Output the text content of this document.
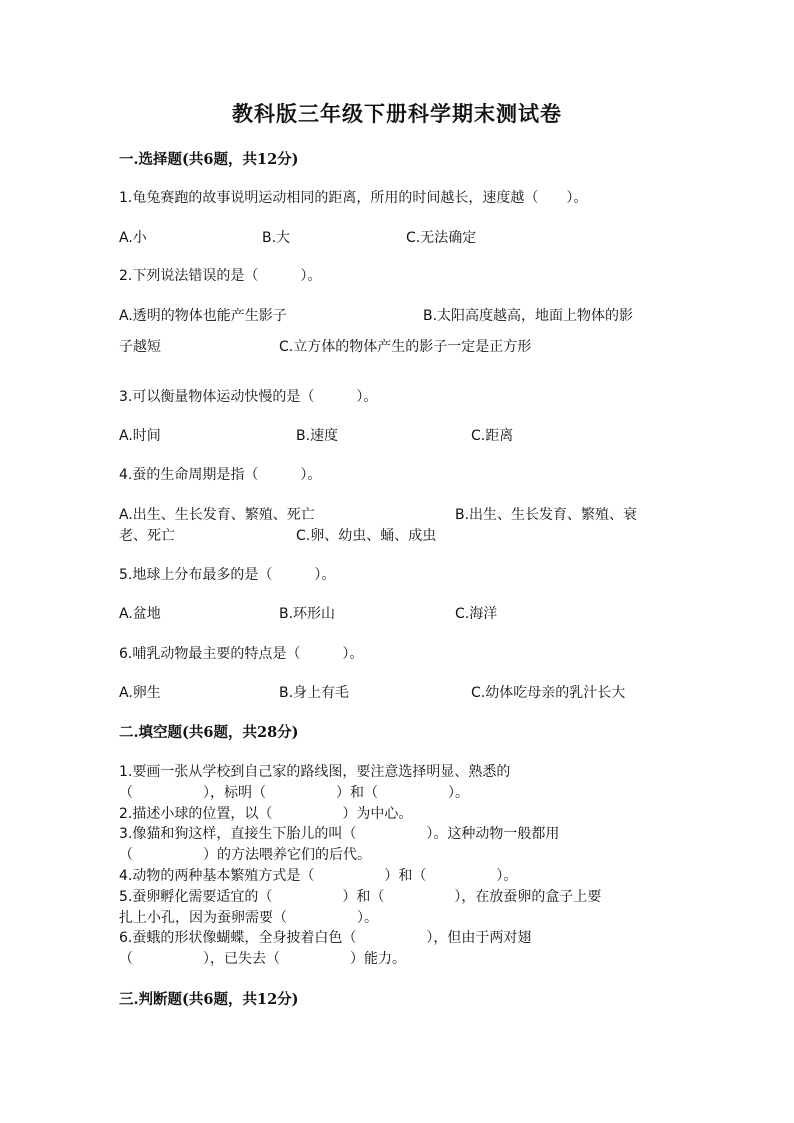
教科版三年级下册科学期末测试卷
一.选择题(共6题，共12分)
1.龟兔赛跑的故事说明运动相同的距离，所用的时间越长，速度越（　　）。
A.小	B.大	C.无法确定
2.下列说法错误的是（　　　）。
A.透明的物体也能产生影子	B.太阳高度越高，地面上物体的影
子越短	C.立方体的物体产生的影子一定是正方形
3.可以衡量物体运动快慢的是（　　　）。
A.时间	B.速度	C.距离
4.蚕的生命周期是指（　　　）。
A.出生、生长发育、繁殖、死亡	B.出生、生长发育、繁殖、衰
老、死亡	C.卵、幼虫、蛹、成虫
5.地球上分布最多的是（　　　）。
A.盆地	B.环形山	C.海洋
6.哺乳动物最主要的特点是（　　　）。
A.卵生	B.身上有毛	C.幼体吃母亲的乳汁长大
二.填空题(共6题，共28分)
1.要画一张从学校到自己家的路线图，要注意选择明显、熟悉的
（　　　　　），标明（　　　　　）和（　　　　　）。
2.描述小球的位置，以（　　　　　）为中心。
3.像猫和狗这样，直接生下胎儿的叫（　　　　　）。这种动物一般都用
（　　　　　）的方法喂养它们的后代。
4.动物的两种基本繁殖方式是（　　　　　）和（　　　　　）。
5.蚕卵孵化需要适宜的（　　　　　）和（　　　　　），在放蚕卵的盒子上要
扎上小孔，因为蚕卵需要（　　　　　）。
6.蚕蛾的形状像蝴蝶，全身披着白色（　　　　　），但由于两对翅
（　　　　　），已失去（　　　　　）能力。
三.判断题(共6题，共12分)
